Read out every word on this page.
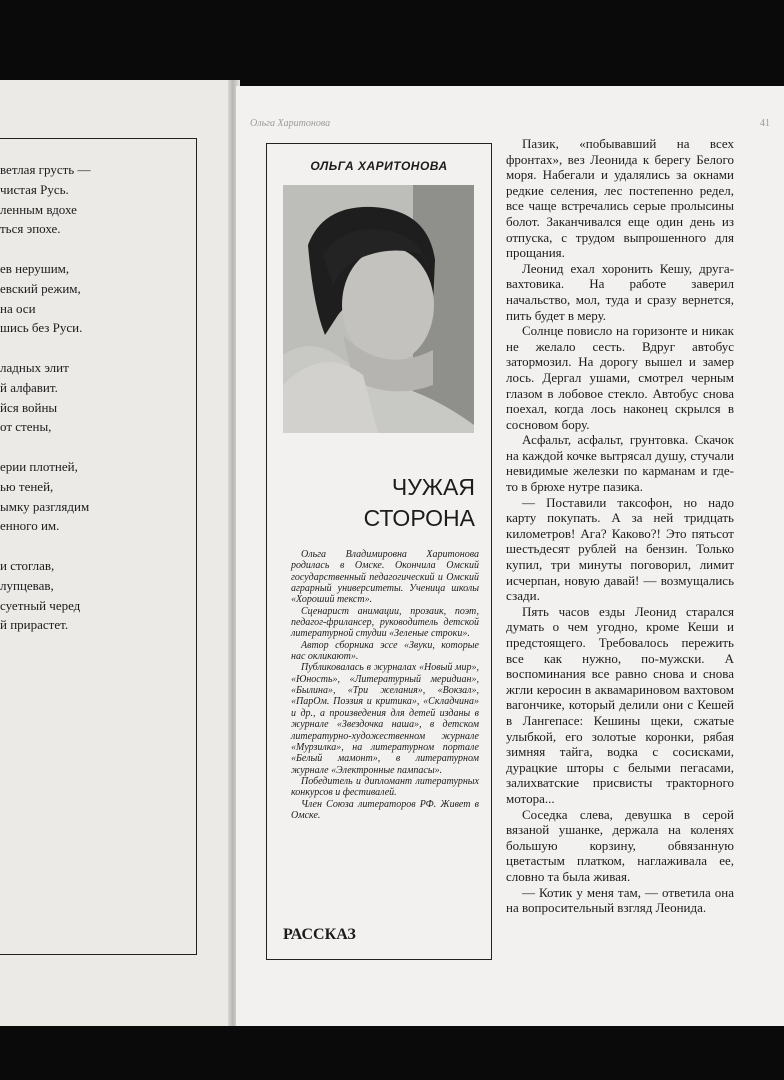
ветлая грусть —
чистая Русь.
ленным вдохе
ться эпохе.
ев нерушим,
евский режим,
на оси
шись без Руси.
ладных элит
й алфавит.
йся войны
от стены,
ерии плотней,
ью теней,
ымку разглядим
енного им.
и стоглав,
лупцевав,
суетный черед
й прирастет.
Ольга Харитонова	41
ОЛЬГА ХАРИТОНОВА
ЧУЖАЯ
СТОРОНА

Ольга Владимировна Харитонова родилась в Омске. Окончила Омский государственный педагогический и Омский аграрный университеты. Ученица школы «Хороший текст».

Сценарист анимации, прозаик, поэт, педагог-фрилансер, руководитель детской литературной студии «Зеленые строки».

Автор сборника эссе «Звуки, которые нас окликают».

Публиковалась в журналах «Новый мир», «Юность», «Литературный меридиан», «Былина», «Три желания», «Вокзал», «ПарОм. Поэзия и критика», «Складчина» и др., а произведения для детей изданы в журнале «Звездочка наша», в детском литературно-художественном журнале «Мурзилка», на литературном портале «Белый мамонт», в литературном журнале «Электронные пампасы».

Победитель и дипломант литературных конкурсов и фестивалей.

Член Союза литераторов РФ. Живет в Омске.

РАССКАЗ

Пазик, «побывавший на всех фронтах», вез Леонида к берегу Белого моря. Набегали и удалялись за окнами редкие селения, лес постепенно редел, все чаще встречались серые пролысины болот. Заканчивался еще один день из отпуска, с трудом выпрошенного для прощания.

Леонид ехал хоронить Кешу, друга-вахтовика. На работе заверил начальство, мол, туда и сразу вернется, пить будет в меру.

Солнце повисло на горизонте и никак не желало сесть. Вдруг автобус затормозил. На дорогу вышел и замер лось. Дергал ушами, смотрел черным глазом в лобовое стекло. Автобус снова поехал, когда лось наконец скрылся в сосновом бору.

Асфальт, асфальт, грунтовка. Скачок на каждой кочке вытрясал душу, стучали невидимые железки по карманам и где-то в брюхе нутре пазика.

— Поставили таксофон, но надо карту покупать. А за ней тридцать километров! Ага? Каково?! Это пятьсот шестьдесят рублей на бензин. Только купил, три минуты поговорил, лимит исчерпан, новую давай! — возмущались сзади.

Пять часов езды Леонид старался думать о чем угодно, кроме Кеши и предстоящего. Требовалось пережить все как нужно, по-мужски. А воспоминания все равно снова и снова жгли керосин в аквамариновом вахтовом вагончике, который делили они с Кешей в Лангепасе: Кешины щеки, сжатые улыбкой, его золотые коронки, рябая зимняя тайга, водка с сосисками, дурацкие шторы с белыми пегасами, залихватские присвисты тракторного мотора...

Соседка слева, девушка в серой вязаной ушанке, держала на коленях большую корзину, обвязанную цветастым платком, наглаживала ее, словно та была живая.

— Котик у меня там, — ответила она на вопросительный взгляд Леонида.
